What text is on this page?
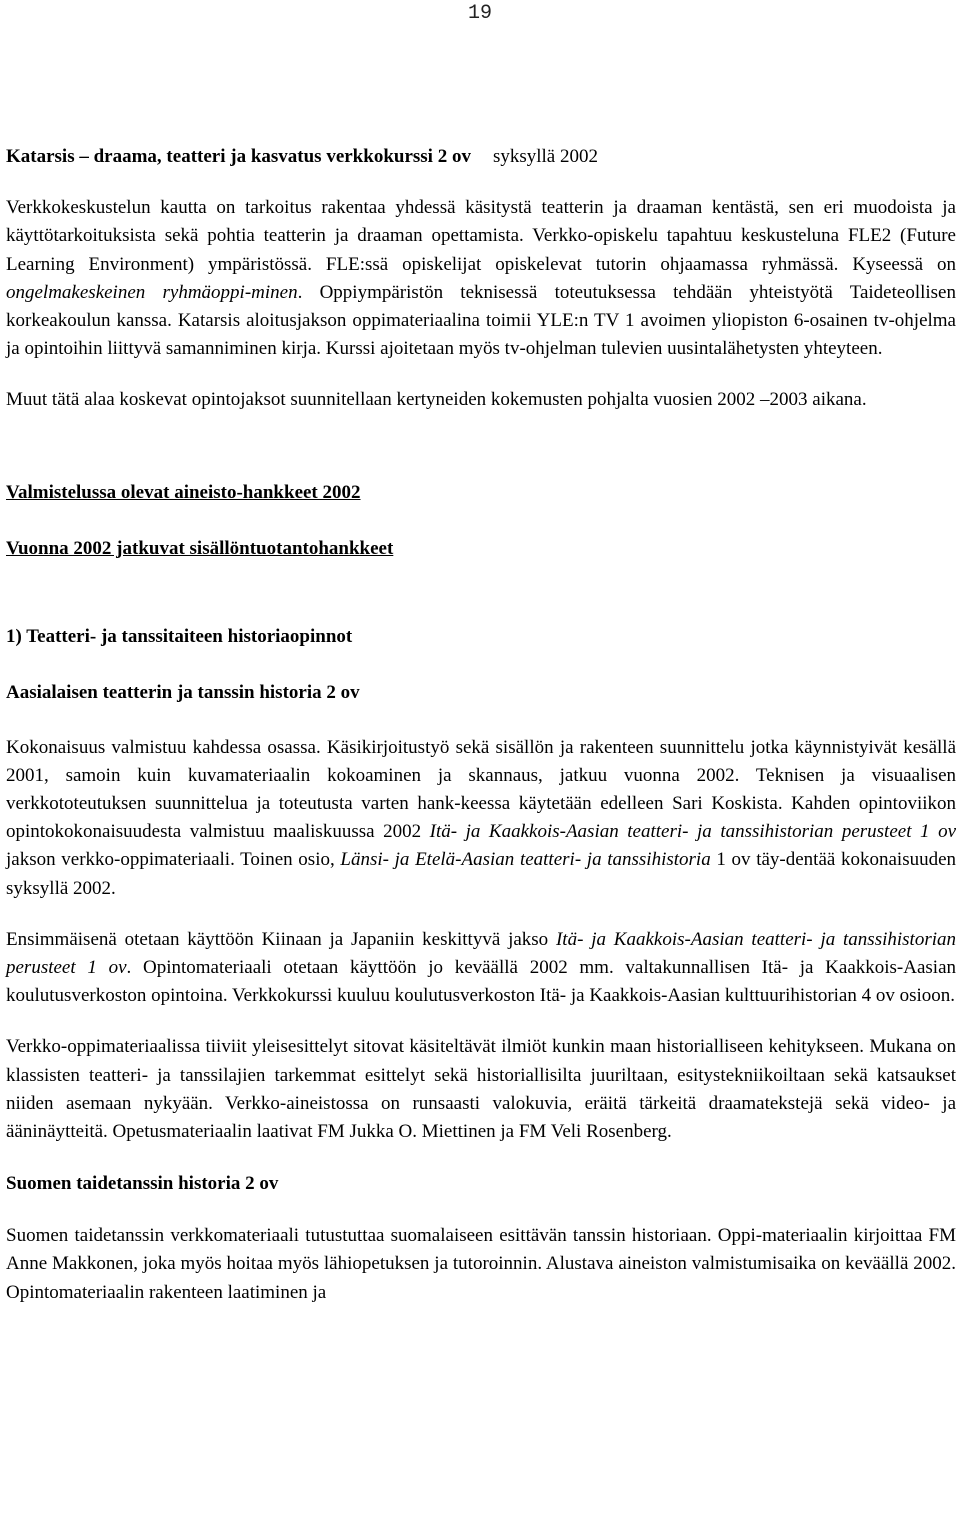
19

Katarsis – draama, teatteri ja kasvatus verkkokurssi 2 ov syksyllä 2002

Verkkokeskustelun kautta on tarkoitus rakentaa yhdessä käsitystä teatterin ja draaman kentästä, sen eri muodoista ja käyttötarkoituksista sekä pohtia teatterin ja draaman opettamista. Verkko-opiskelu tapahtuu keskusteluna FLE2 (Future Learning Environment) ympäristössä. FLE:ssä opiskelijat opiskelevat tutorin ohjaamassa ryhmässä. Kyseessä on ongelmakeskeinen ryhmäoppi-minen. Oppiympäristön teknisessä toteutuksessa tehdään yhteistyötä Taideteollisen korkeakoulun kanssa. Katarsis aloitusjakson oppimateriaalina toimii YLE:n TV 1 avoimen yliopiston 6-osainen tv-ohjelma ja opintoihin liittyvä samanniminen kirja. Kurssi ajoitetaan myös tv-ohjelman tulevien uusintalähetysten yhteyteen.

Muut tätä alaa koskevat opintojaksot suunnitellaan kertyneiden kokemusten pohjalta vuosien 2002 –2003 aikana.

Valmistelussa olevat aineisto-hankkeet 2002

Vuonna 2002 jatkuvat sisällöntuotantohankkeet

1) Teatteri- ja tanssitaiteen historiaopinnot

Aasialaisen teatterin ja tanssin historia 2 ov

Kokonaisuus valmistuu kahdessa osassa. Käsikirjoitustyö sekä sisällön ja rakenteen suunnittelu jotka käynnistyivät kesällä 2001, samoin kuin kuvamateriaalin kokoaminen ja skannaus, jatkuu vuonna 2002. Teknisen ja visuaalisen verkkototeutuksen suunnittelua ja toteutusta varten hank-keessa käytetään edelleen Sari Koskista. Kahden opintoviikon opintokokonaisuudesta valmistuu maaliskuussa 2002 Itä- ja Kaakkois-Aasian teatteri- ja tanssihistorian perusteet 1 ov jakson verkko-oppimateriaali. Toinen osio, Länsi- ja Etelä-Aasian teatteri- ja tanssihistoria 1 ov täy-dentää kokonaisuuden syksyllä 2002.

Ensimmäisenä otetaan käyttöön Kiinaan ja Japaniin keskittyvä jakso Itä- ja Kaakkois-Aasian teatteri- ja tanssihistorian perusteet 1 ov. Opintomateriaali otetaan käyttöön jo keväällä 2002 mm. valtakunnallisen Itä- ja Kaakkois-Aasian koulutusverkoston opintoina. Verkkokurssi kuuluu koulutusverkoston Itä- ja Kaakkois-Aasian kulttuurihistorian 4 ov osioon.

Verkko-oppimateriaalissa tiiviit yleisesittelyt sitovat käsiteltävät ilmiöt kunkin maan historialliseen kehitykseen. Mukana on klassisten teatteri- ja tanssilajien tarkemmat esittelyt sekä historiallisilta juuriltaan, esitystekniikoiltaan sekä katsaukset niiden asemaan nykyään. Verkko-aineistossa on runsaasti valokuvia, eräitä tärkeitä draamatekstejä sekä video- ja ääninäytteitä. Opetusmateriaalin laativat FM Jukka O. Miettinen ja FM Veli Rosenberg.

Suomen taidetanssin historia 2 ov

Suomen taidetanssin verkkomateriaali tutustuttaa suomalaiseen esittävän tanssin historiaan. Oppi-materiaalin kirjoittaa FM Anne Makkonen, joka myös hoitaa myös lähiopetuksen ja tutoroinnin. Alustava aineiston valmistumisaika on keväällä 2002. Opintomateriaalin rakenteen laatiminen ja
